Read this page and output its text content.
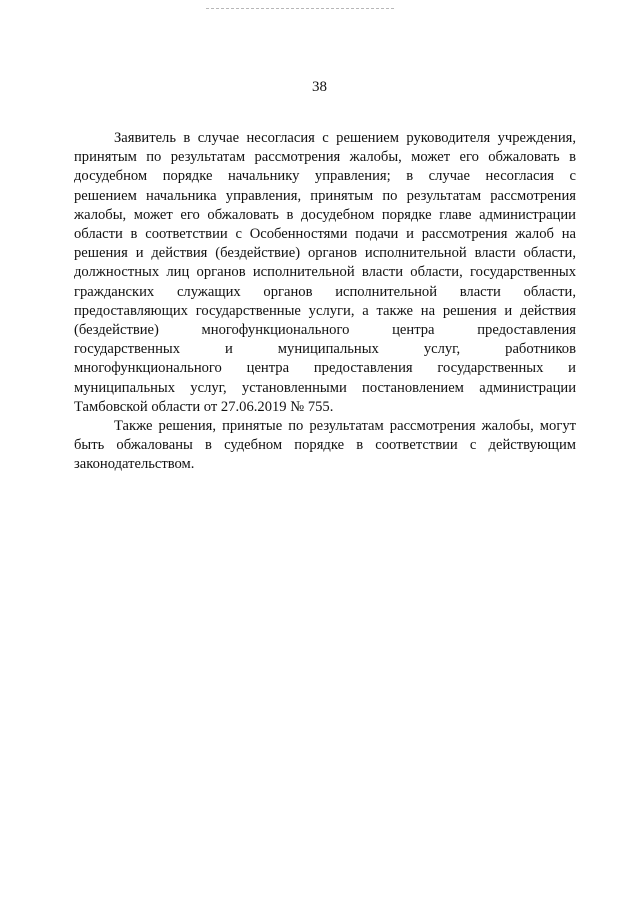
38
Заявитель в случае несогласия с решением руководителя учреждения,
принятым по результатам рассмотрения жалобы, может его обжаловать в
досудебном порядке начальнику управления; в случае несогласия с
решением начальника управления, принятым по результатам рассмотрения
жалобы, может его обжаловать в досудебном порядке главе администрации
области в соответствии с Особенностями подачи и рассмотрения жалоб на
решения и действия (бездействие) органов исполнительной власти области,
должностных лиц органов исполнительной власти области, государственных
гражданских служащих органов исполнительной власти области,
предоставляющих государственные услуги, а также на решения и действия
(бездействие) многофункционального центра предоставления
государственных и муниципальных услуг, работников
многофункционального центра предоставления государственных и
муниципальных услуг, установленными постановлением администрации
Тамбовской области от 27.06.2019 № 755.
Также решения, принятые по результатам рассмотрения жалобы, могут
быть обжалованы в судебном порядке в соответствии с действующим
законодательством.
